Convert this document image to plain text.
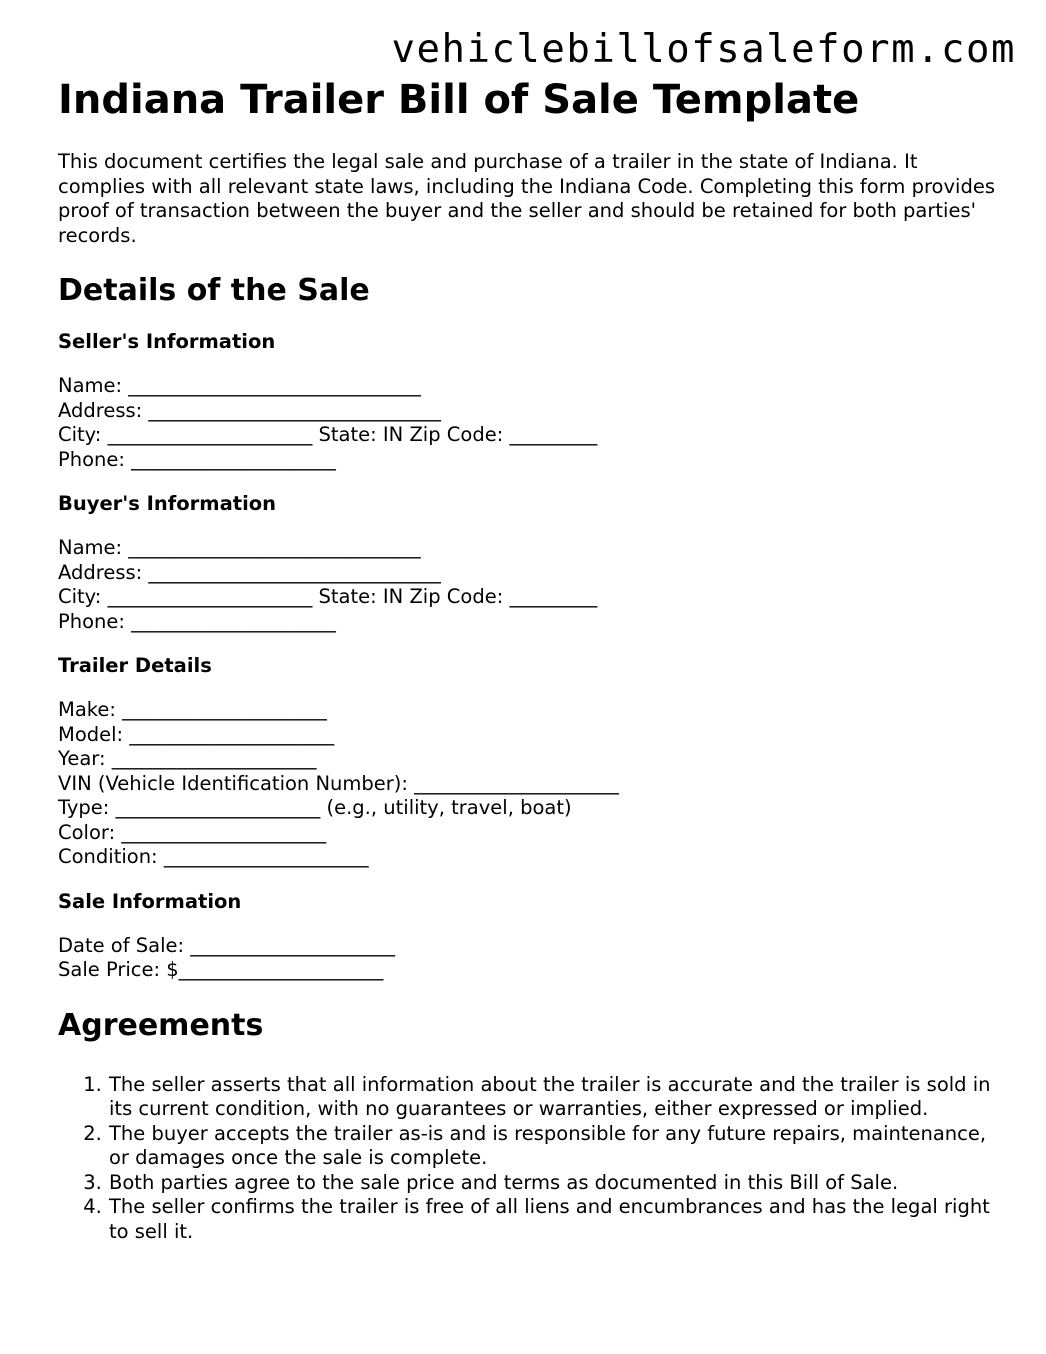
vehiclebillofsaleform.com
Indiana Trailer Bill of Sale Template

This document certifies the legal sale and purchase of a trailer in the state of Indiana. It complies with all relevant state laws, including the Indiana Code. Completing this form provides proof of transaction between the buyer and the seller and should be retained for both parties' records.

Details of the Sale
Seller's Information
Name: ______________________________
Address: ______________________________
City: _____________________ State: IN Zip Code: _________
Phone: _____________________
Buyer's Information
Name: ______________________________
Address: ______________________________
City: _____________________ State: IN Zip Code: _________
Phone: _____________________
Trailer Details
Make: _____________________
Model: _____________________
Year: _____________________
VIN (Vehicle Identification Number): _____________________
Type: _____________________ (e.g., utility, travel, boat)
Color: _____________________
Condition: _____________________
Sale Information
Date of Sale: _____________________
Sale Price: $_____________________
Agreements
1. The seller asserts that all information about the trailer is accurate and the trailer is sold in its current condition, with no guarantees or warranties, either expressed or implied.
2. The buyer accepts the trailer as-is and is responsible for any future repairs, maintenance, or damages once the sale is complete.
3. Both parties agree to the sale price and terms as documented in this Bill of Sale.
4. The seller confirms the trailer is free of all liens and encumbrances and has the legal right to sell it.
